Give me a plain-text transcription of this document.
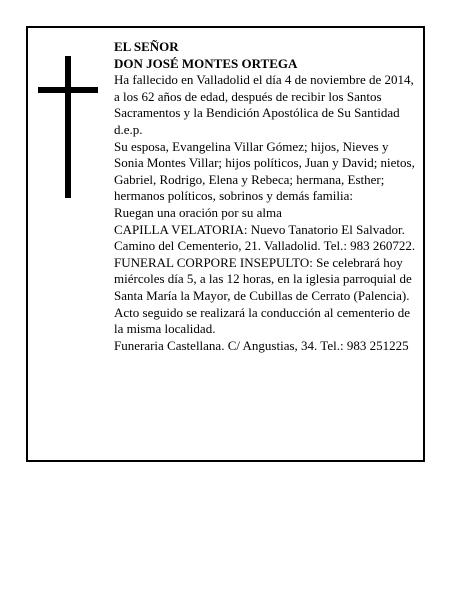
EL SEÑOR

DON JOSÉ MONTES ORTEGA

Ha fallecido en Valladolid el día 4 de noviembre de 2014, a los 62 años de edad, después de recibir los Santos Sacramentos y la Bendición Apostólica de Su Santidad

d.e.p.

Su esposa, Evangelina Villar Gómez; hijos, Nieves y Sonia Montes Villar; hijos políticos, Juan y David; nietos, Gabriel, Rodrigo, Elena y Rebeca; hermana, Esther; hermanos políticos, sobrinos y demás familia:

Ruegan una oración por su alma

CAPILLA VELATORIA: Nuevo Tanatorio El Salvador. Camino del Cementerio, 21. Valladolid. Tel.: 983 260722.

FUNERAL CORPORE INSEPULTO: Se celebrará hoy miércoles día 5, a las 12 horas, en la iglesia parroquial de Santa María la Mayor, de Cubillas de Cerrato (Palencia). Acto seguido se realizará la conducción al cementerio de la misma localidad.

Funeraria Castellana. C/ Angustias, 34. Tel.: 983 251225
